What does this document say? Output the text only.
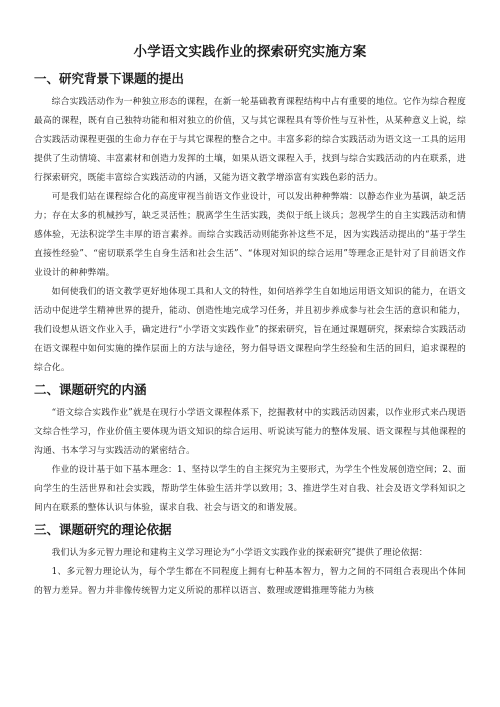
小学语文实践作业的探索研究实施方案
一、研究背景下课题的提出

综合实践活动作为一种独立形态的课程，在新一轮基础教育课程结构中占有重要的地位。它作为综合程度最高的课程，既有自己独特功能和相对独立的价值，又与其它课程具有等价性与互补性，从某种意义上说，综合实践活动课程更强的生命力存在于与其它课程的整合之中。丰富多彩的综合实践活动为语文这一工具的运用提供了生动情境、丰富素材和创造力发挥的土壤，如果从语文课程入手，找到与综合实践活动的内在联系，进行探索研究，既能丰富综合实践活动的内涵，又能为语文教学增添富有实践色彩的活力。

可是我们站在课程综合化的高度审视当前语文作业设计，可以发出种种弊端：以静态作业为基调，缺乏活力；存在太多的机械抄写，缺乏灵活性；脱离学生生活实践，类似于纸上谈兵；忽视学生的自主实践活动和情感体验，无法积淀学生丰厚的语言素养。而综合实践活动则能弥补这些不足，因为实践活动提出的“基于学生直接性经验”、“密切联系学生自身生活和社会生活”、“体现对知识的综合运用”等理念正是针对了目前语文作业设计的种种弊端。

如何使我们的语文教学更好地体现工具和人文的特性，如何培养学生自如地运用语文知识的能力，在语文活动中促进学生精神世界的提升，能动、创造性地完成学习任务，并且初步养成参与社会生活的意识和能力，我们设想从语文作业入手，确定进行“小学语文实践作业”的探索研究，旨在通过课题研究，探索综合实践活动在语文课程中如何实施的操作层面上的方法与途径，努力倡导语文课程向学生经验和生活的回归，追求课程的综合化。

二、课题研究的内涵

“语文综合实践作业”就是在现行小学语文课程体系下，挖掘教材中的实践活动因素，以作业形式来凸现语文综合性学习，作业价值主要体现为语文知识的综合运用、听说读写能力的整体发展、语文课程与其他课程的沟通、书本学习与实践活动的紧密结合。

作业的设计基于如下基本理念：1、坚持以学生的自主探究为主要形式，为学生个性发展创造空间；2、面向学生的生活世界和社会实践，帮助学生体验生活并学以致用；3、推进学生对自我、社会及语文学科知识之间内在联系的整体认识与体验，谋求自我、社会与语文的和谐发展。

三、课题研究的理论依据

我们认为多元智力理论和建构主义学习理论为“小学语文实践作业的探索研究”提供了理论依据：

1、多元智力理论认为，每个学生都在不同程度上拥有七种基本智力，智力之间的不同组合表现出个体间的智力差异。智力并非像传统智力定义所说的那样以语言、数理或逻辑推理等能力为核
